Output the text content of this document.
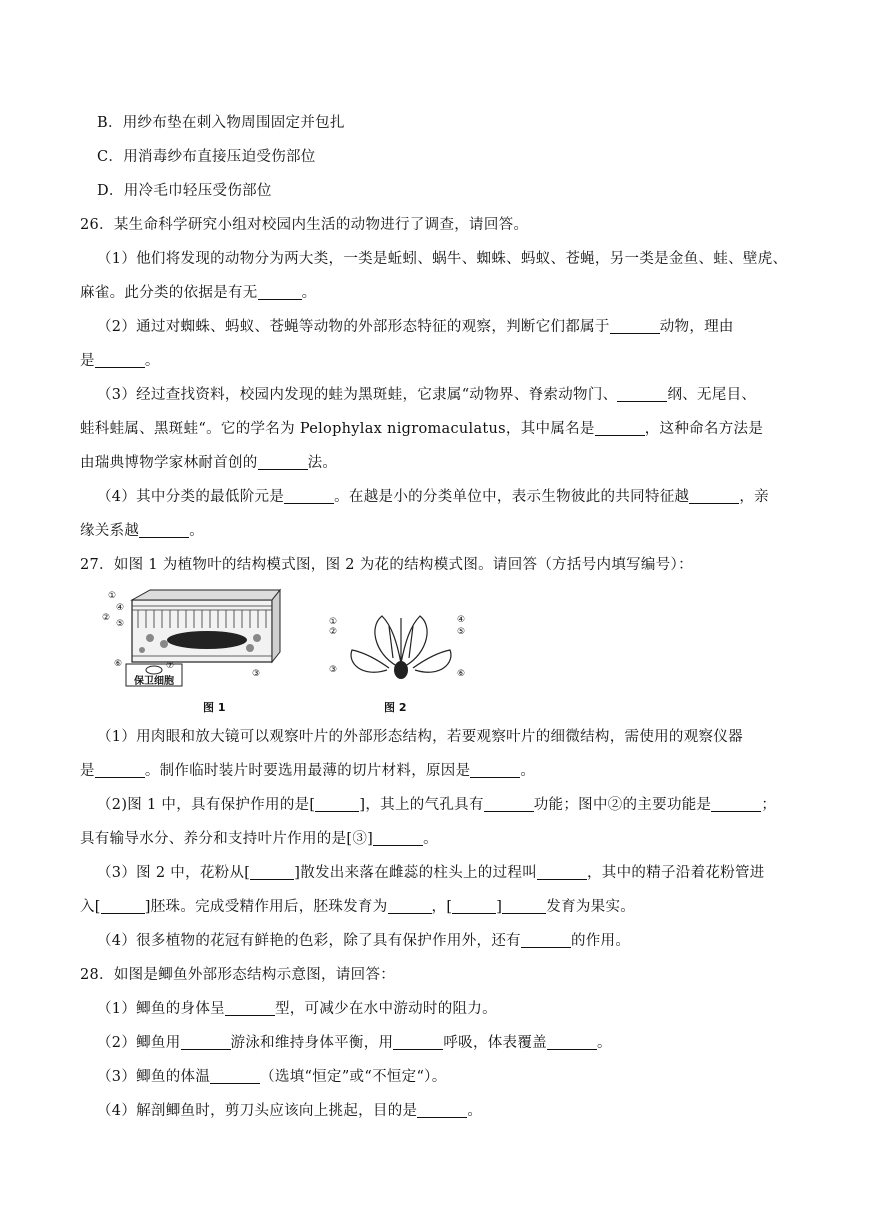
B．用纱布垫在刺入物周围固定并包扎
C．用消毒纱布直接压迫受伤部位
D．用冷毛巾轻压受伤部位
26．某生命科学研究小组对校园内生活的动物进行了调查，请回答。
（1）他们将发现的动物分为两大类，一类是蚯蚓、蜗牛、蜘蛛、蚂蚁、苍蝇，另一类是金鱼、蛙、壁虎、
麻雀。此分类的依据是有无	。
（2）通过对蜘蛛、蚂蚁、苍蝇等动物的外部形态特征的观察，判断它们都属于	动物，理由
是	。
（3）经过查找资料，校园内发现的蛙为黑斑蛙，它隶属“动物界、脊索动物门、	纲、无尾目、
蛙科蛙属、黑斑蛙“。它的学名为 Pelophylax nigromaculatus，其中属名是	，这种命名方法是
由瑞典博物学家林耐首创的	法。
（4）其中分类的最低阶元是	。在越是小的分类单位中，表示生物彼此的共同特征越	，亲
缘关系越	。
27．如图 1 为植物叶的结构模式图，图 2 为花的结构模式图。请回答（方括号内填写编号）：
①
②
④
⑤
⑥	⑦
③
保卫细胞
图 1
①
②
③
④
⑤
⑥
图 2
（1）用肉眼和放大镜可以观察叶片的外部形态结构，若要观察叶片的细微结构，需使用的观察仪器
是	。制作临时装片时要选用最薄的切片材料，原因是	。
（2)图 1 中，具有保护作用的是[	]，其上的气孔具有	功能；图中②的主要功能是	；
具有输导水分、养分和支持叶片作用的是[③]	。
（3）图 2 中，花粉从[	]散发出来落在雌蕊的柱头上的过程叫	，其中的精子沿着花粉管进
入[	]胚珠。完成受精作用后，胚珠发育为	，[	]	发育为果实。
（4）很多植物的花冠有鲜艳的色彩，除了具有保护作用外，还有	的作用。
28．如图是鲫鱼外部形态结构示意图，请回答：
（1）鲫鱼的身体呈	型，可减少在水中游动时的阻力。
（2）鲫鱼用	游泳和维持身体平衡，用	呼吸，体表覆盖	。
（3）鲫鱼的体温	（选填“恒定”或“不恒定“）。
（4）解剖鲫鱼时，剪刀头应该向上挑起，目的是	。
